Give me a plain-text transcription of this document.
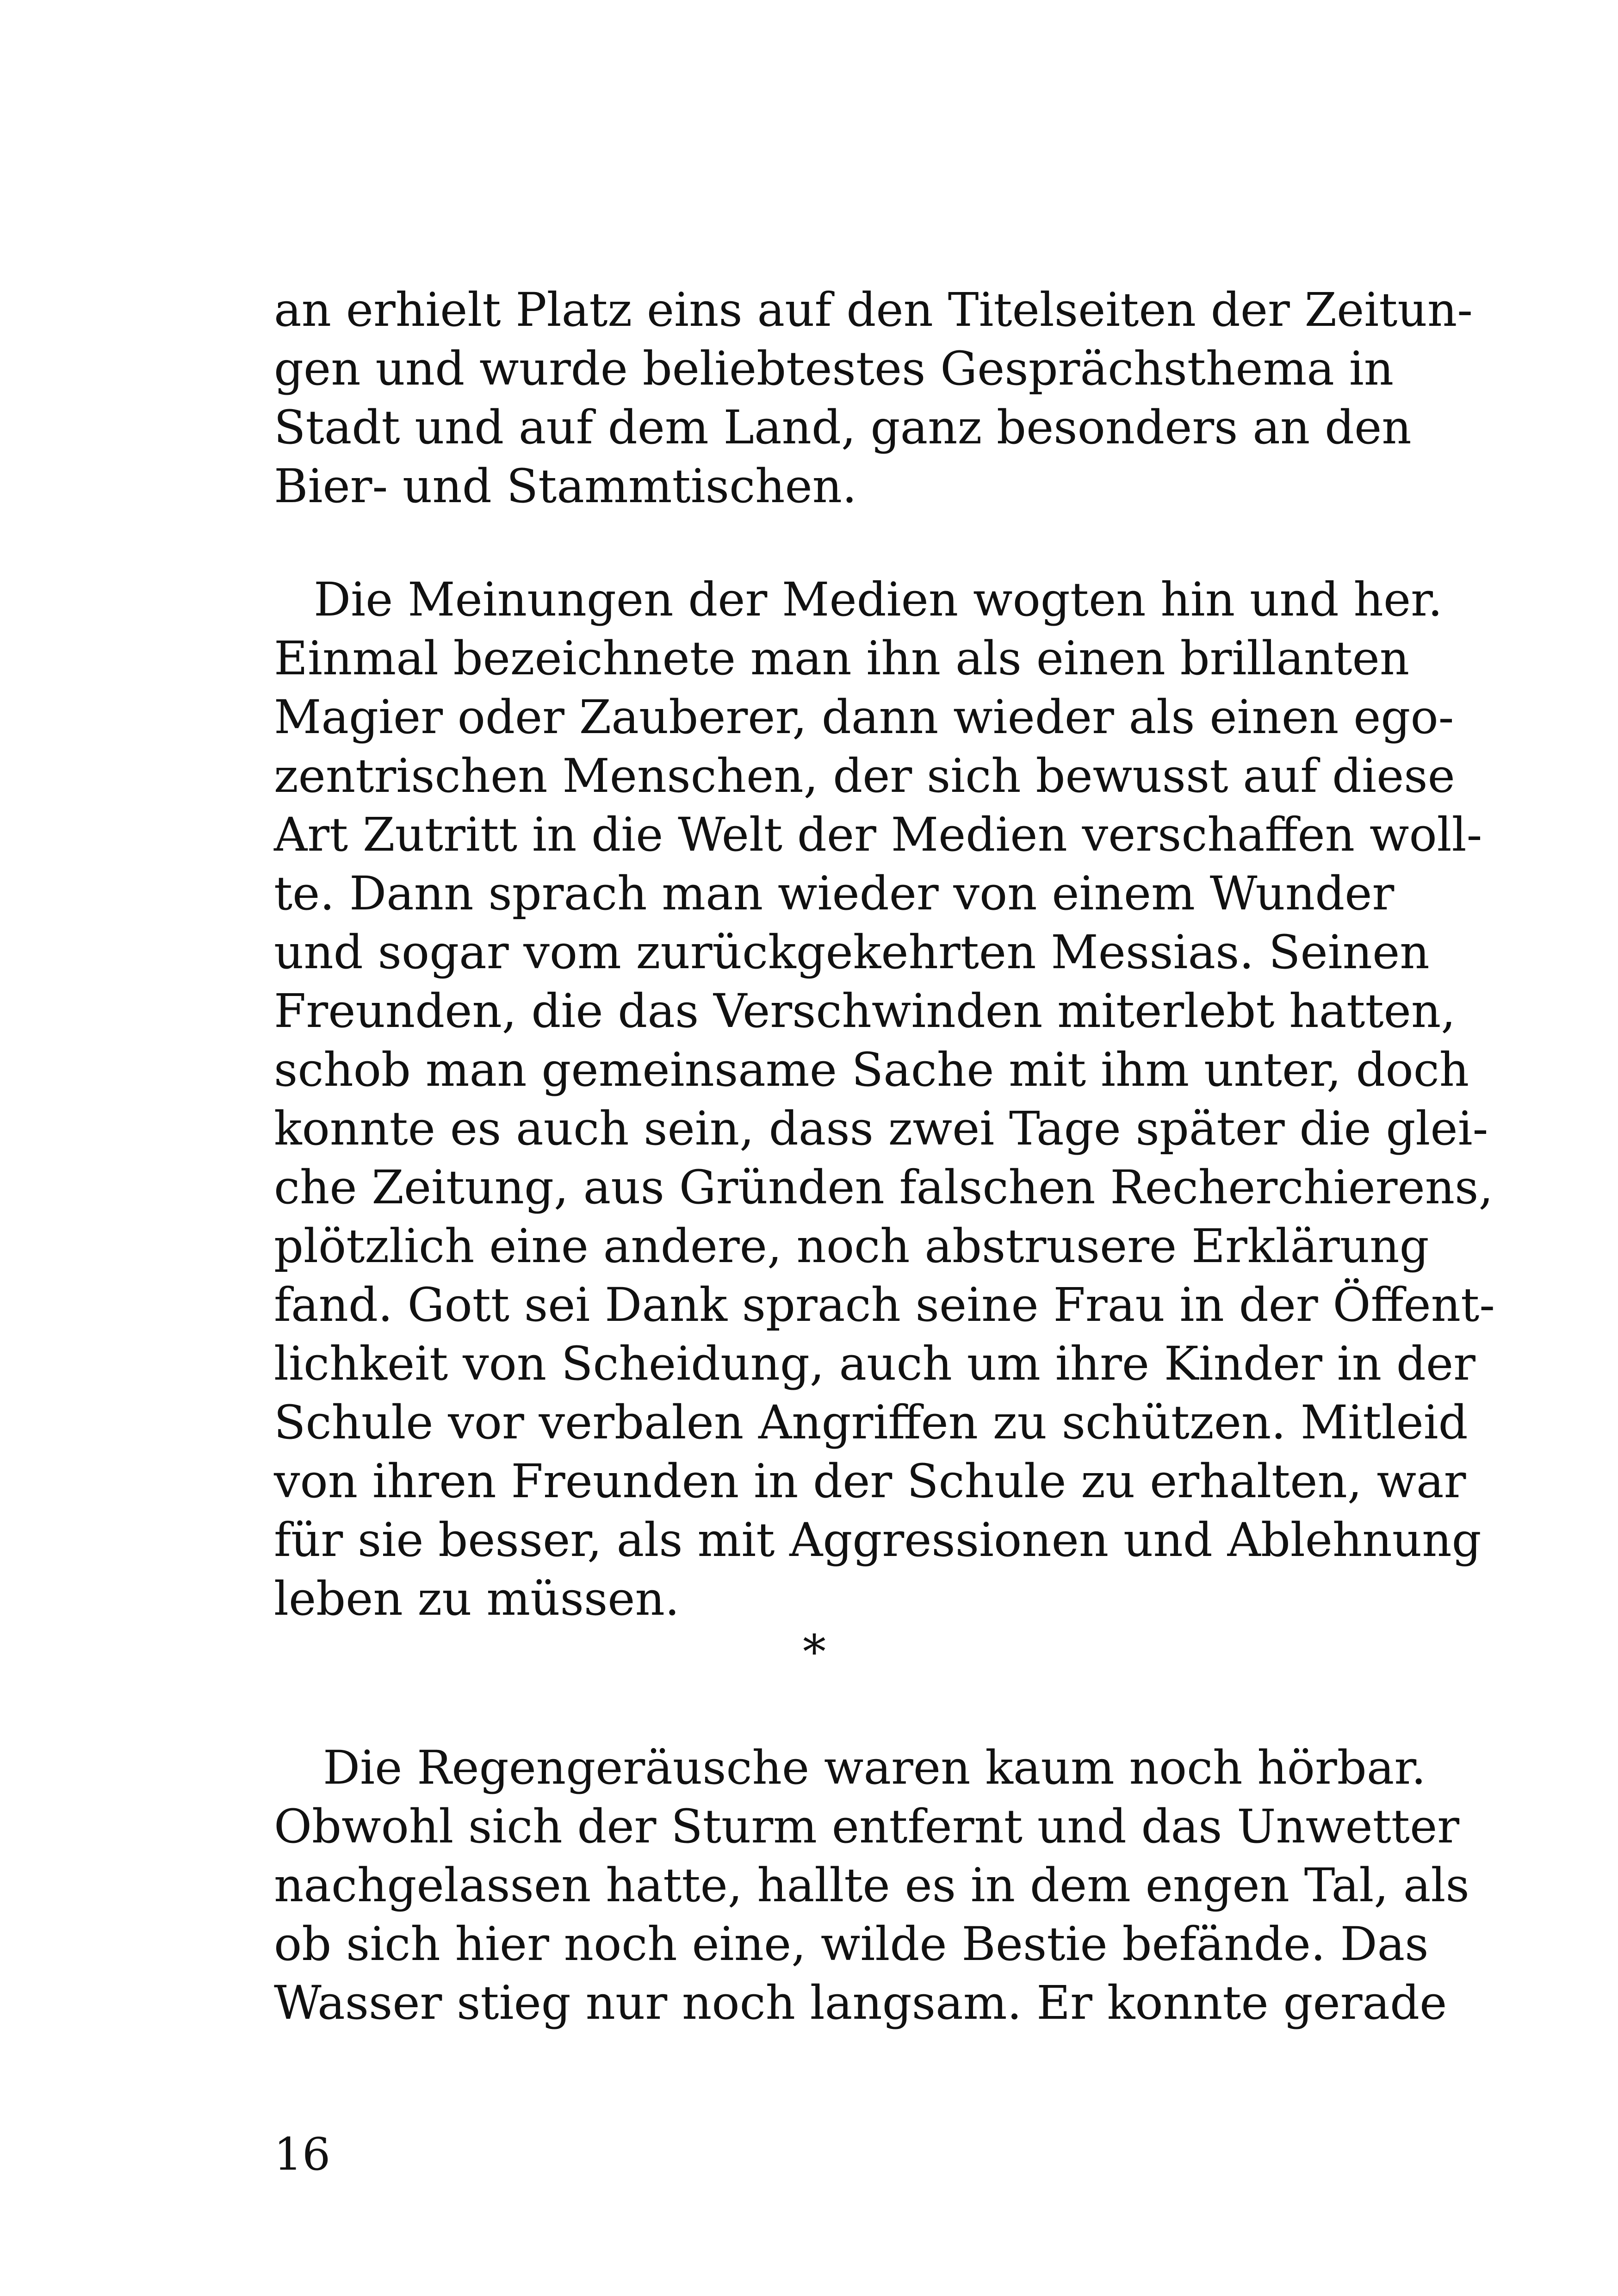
an erhielt Platz eins auf den Titelseiten der Zeitun-
gen und wurde beliebtestes Gesprächsthema in
Stadt und auf dem Land, ganz besonders an den
Bier- und Stammtischen.
Die Meinungen der Medien wogten hin und her.
Einmal bezeichnete man ihn als einen brillanten
Magier oder Zauberer, dann wieder als einen ego-
zentrischen Menschen, der sich bewusst auf diese
Art Zutritt in die Welt der Medien verschaffen woll-
te. Dann sprach man wieder von einem Wunder
und sogar vom zurückgekehrten Messias. Seinen
Freunden, die das Verschwinden miterlebt hatten,
schob man gemeinsame Sache mit ihm unter, doch
konnte es auch sein, dass zwei Tage später die glei-
che Zeitung, aus Gründen falschen Recherchierens,
plötzlich eine andere, noch abstrusere Erklärung
fand. Gott sei Dank sprach seine Frau in der Öffent-
lichkeit von Scheidung, auch um ihre Kinder in der
Schule vor verbalen Angriffen zu schützen. Mitleid
von ihren Freunden in der Schule zu erhalten, war
für sie besser, als mit Aggressionen und Ablehnung
leben zu müssen.
*
Die Regengeräusche waren kaum noch hörbar.
Obwohl sich der Sturm entfernt und das Unwetter
nachgelassen hatte, hallte es in dem engen Tal, als
ob sich hier noch eine, wilde Bestie befände. Das
Wasser stieg nur noch langsam. Er konnte gerade
16
